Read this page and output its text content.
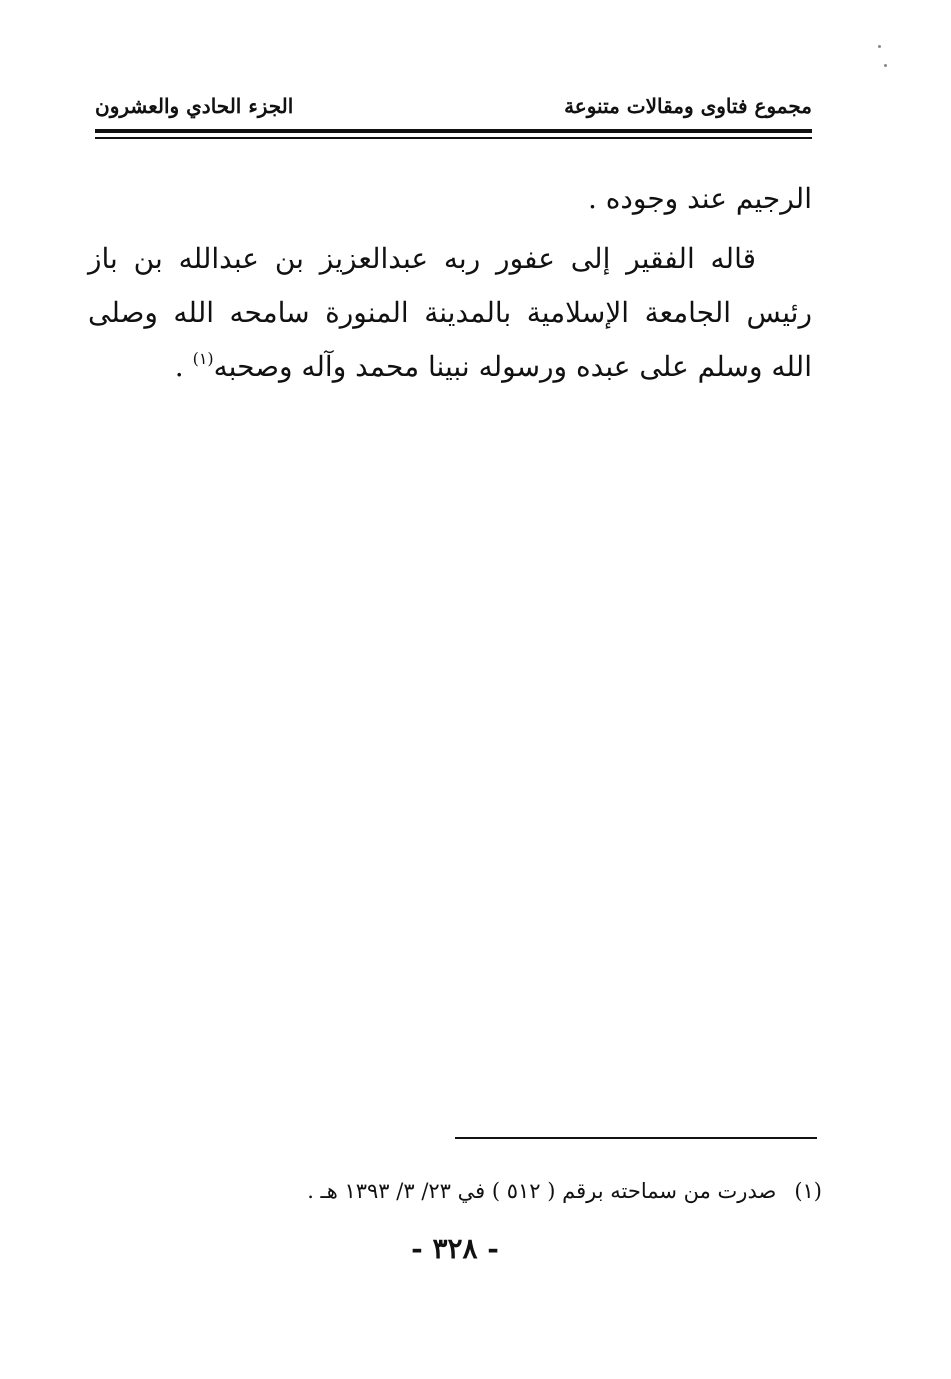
مجموع فتاوى ومقالات متنوعة
الجزء الحادي والعشرون

الرجيم عند وجوده .

قاله الفقير إلى عفور ربه عبدالعزيز بن عبدالله بن باز رئيس الجامعة الإسلامية بالمدينة المنورة سامحه الله وصلى الله وسلم على عبده ورسوله نبينا محمد وآله وصحبه$^{(١)}$ .

(١)صدرت من سماحته برقم ( ٥١٢ ) في ٢٣/ ٣/ ١٣٩٣ هـ .
- ٣٢٨ -
